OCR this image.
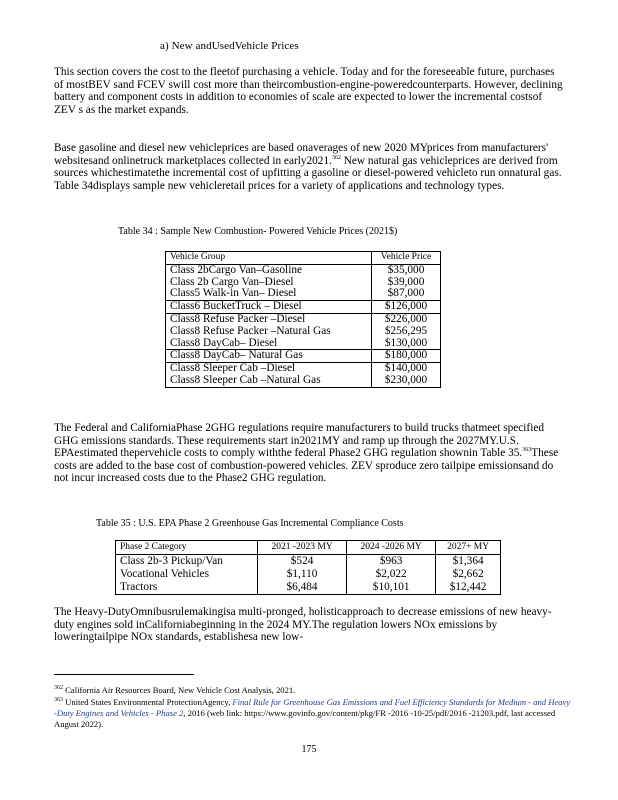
a) New andUsedVehicle Prices
This section covers the cost to the fleetof purchasing a vehicle. Today and for the foreseeable future, purchases of mostBEV sand FCEV swill cost more than theircombustion-engine-poweredcounterparts. However, declining battery and component costs in addition to economies of scale are expected to lower the incremental costsof ZEV s as the market expands.
Base gasoline and diesel new vehicleprices are based onaverages of new 2020 MYprices from manufacturers' websitesand onlinetruck marketplaces collected in early2021.$^{362}$ New natural gas vehicleprices are derived from sources whichestimatethe incremental cost of upfitting a gasoline or diesel-powered vehicleto run onnatural gas. Table 34displays sample new vehicleretail prices for a variety of applications and technology types.
Table 34 : Sample New Combustion- Powered Vehicle Prices (2021$)
Vehicle Group	Vehicle Price
Class 2bCargo Van–Gasoline	$35,000
Class 2b Cargo Van–Diesel	$39,000
Class5 Walk-in Van– Diesel	$87,000
Class6 BucketTruck – Diesel	$126,000
Class8 Refuse Packer –Diesel	$226,000
Class8 Refuse Packer –Natural Gas	$256,295
Class8 DayCab– Diesel	$130,000
Class8 DayCab– Natural Gas	$180,000
Class8 Sleeper Cab –Diesel	$140,000
Class8 Sleeper Cab –Natural Gas	$230,000
The Federal and CaliforniaPhase 2GHG regulations require manufacturers to build trucks thatmeet specified GHG emissions standards. These requirements start in2021MY and ramp up through the 2027MY.U.S. EPAestimated thepervehicle costs to comply withthe federal Phase2 GHG regulation shownin Table 35.$^{363}$These costs are added to the base cost of combustion-powered vehicles. ZEV sproduce zero tailpipe emissionsand do not incur increased costs due to the Phase2 GHG regulation.
Table 35 : U.S. EPA Phase 2 Greenhouse Gas Incremental Compliance Costs
Phase 2 Category	2021 -2023 MY	2024 -2026 MY	2027+ MY
Class 2b-3 Pickup/Van	$524	$963	$1,364
Vocational Vehicles	$1,110	$2,022	$2,662
Tractors	$6,484	$10,101	$12,442
The Heavy-DutyOmnibusrulemakingisa multi-pronged, holisticapproach to decrease emissions of new heavy-duty engines sold inCaliforniabeginning in the 2024 MY.The regulation lowers NOx emissions by loweringtailpipe NOx standards, establishesa new low-
$^{362}$ California Air Resources Board, New Vehicle Cost Analysis, 2021.
$^{363}$ United States Environmental ProtectionAgency, Final Rule for Greenhouse Gas Emissions and Fuel Efficiency Standards for Medium - and Heavy -Duty Engines and Vehicles - Phase 2, 2016 (web link: https://www.govinfo.gov/content/pkg/FR -2016 -10-25/pdf/2016 -21203.pdf, last accessed August 2022).
175
